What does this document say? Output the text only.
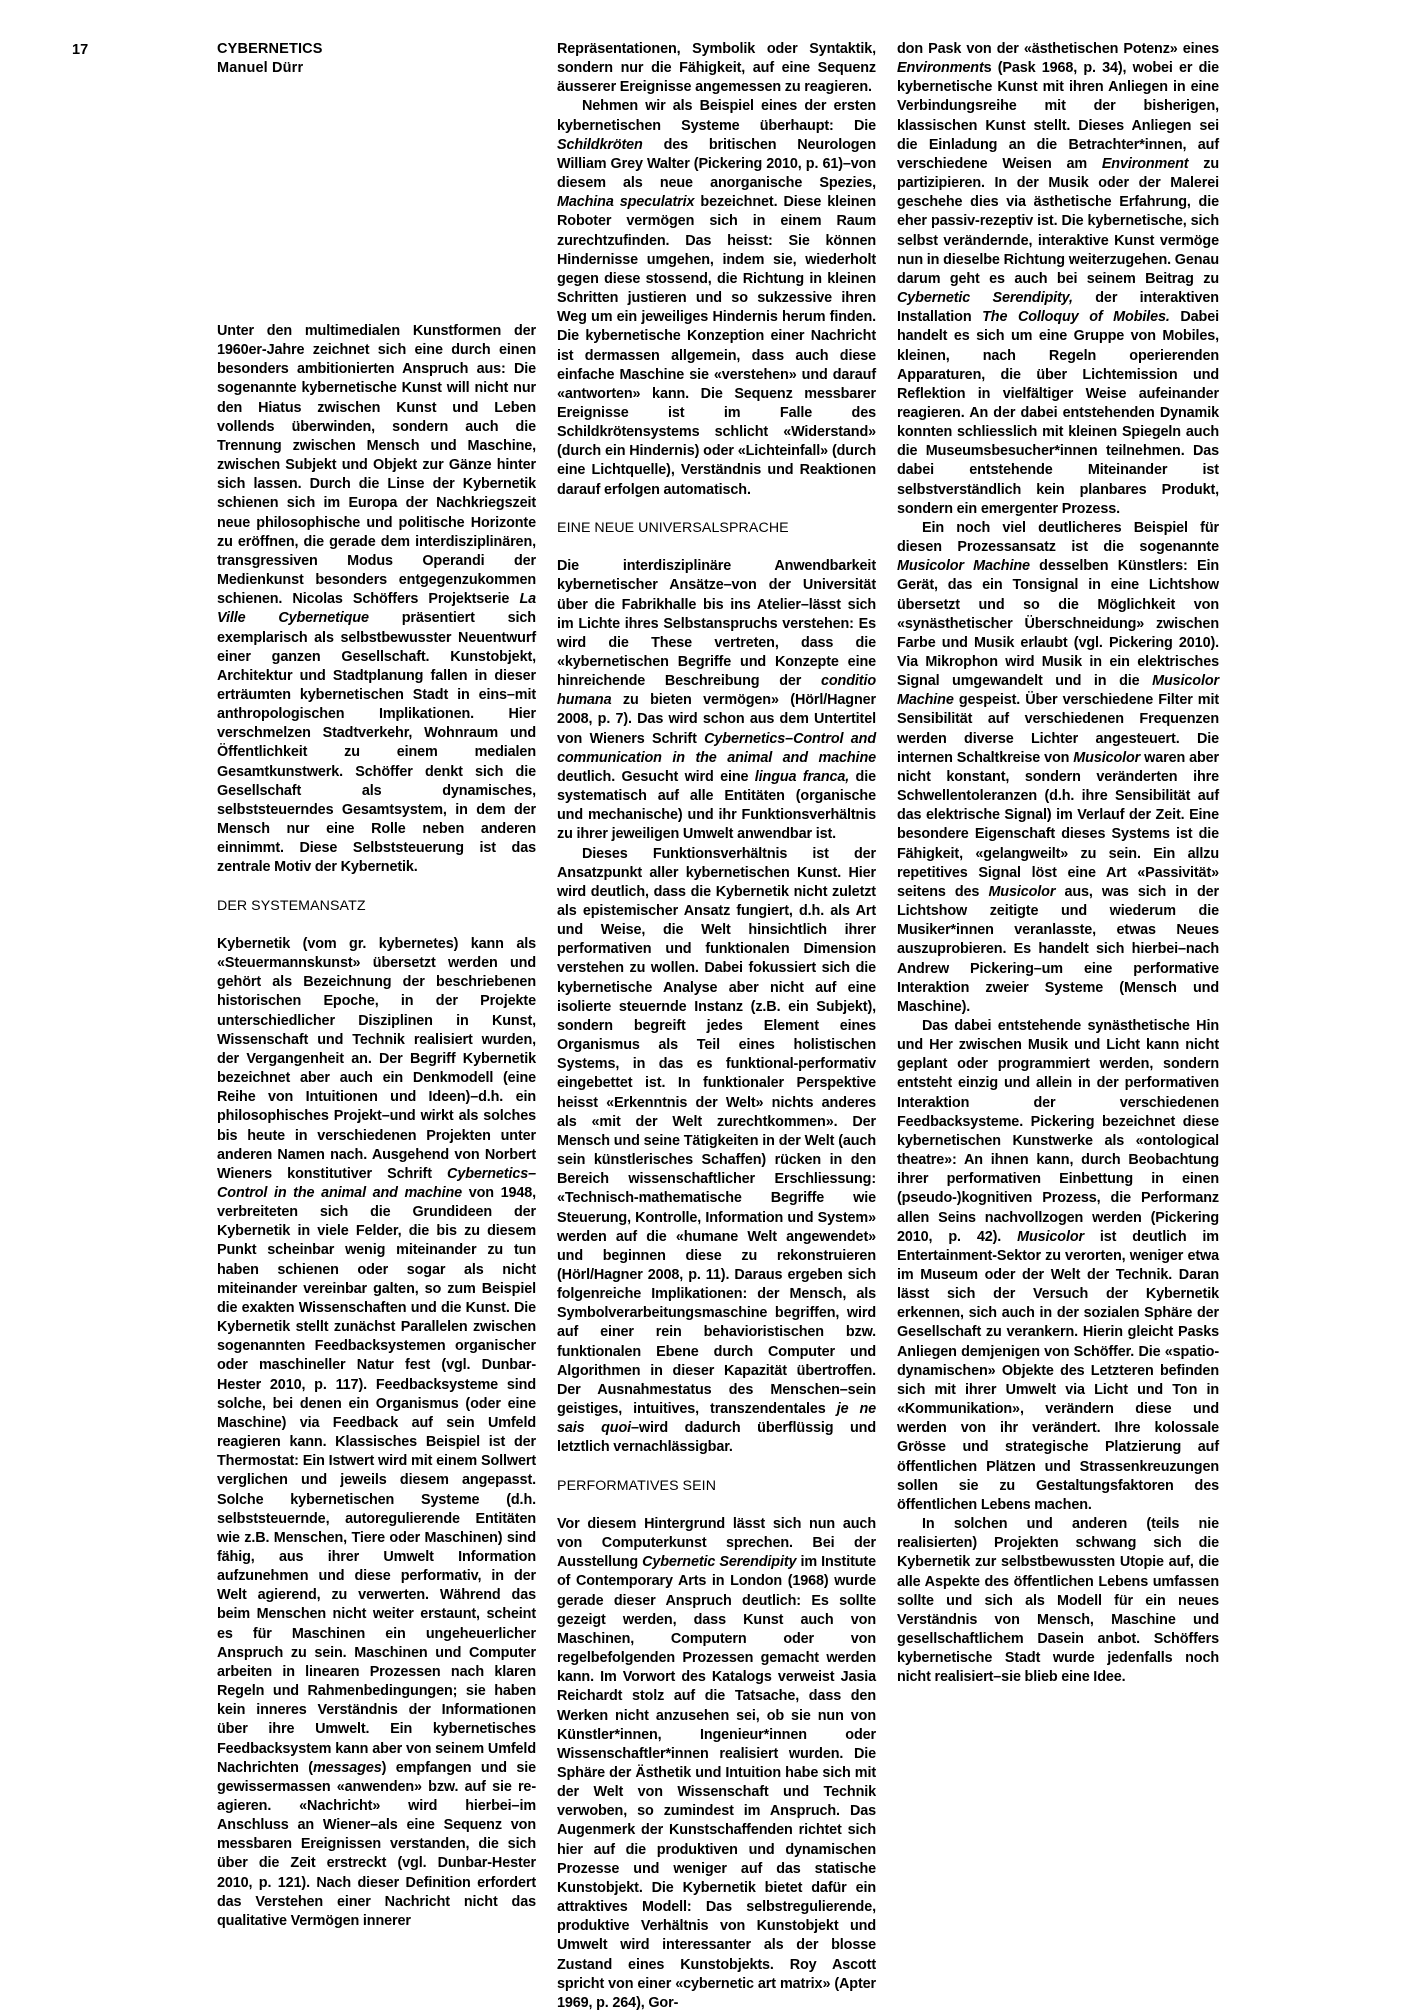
17	CYBERNETICS
Manuel Dürr

Unter den multimedialen Kunstformen der 1960er-Jahre zeichnet sich eine durch einen besonders ambitionierten Anspruch aus: Die sogenannte kybernetische Kunst will nicht nur den Hiatus zwischen Kunst und Leben vollends überwinden, sondern auch die Trennung zwischen Mensch und Maschine, zwischen Subjekt und Objekt zur Gänze hinter sich lassen. Durch die Linse der Kybernetik schienen sich im Europa der Nachkriegszeit neue philosophische und politische Horizonte zu eröffnen, die gerade dem interdisziplinären, transgressiven Modus Operandi der Medienkunst besonders entgegenzukommen schienen. Nicolas Schöffers Projektserie La Ville Cybernetique präsentiert sich exemplarisch als selbstbewusster Neuentwurf einer ganzen Gesellschaft. Kunstobjekt, Architektur und Stadtplanung fallen in dieser erträumten kybernetischen Stadt in eins–mit anthropologischen Implikationen. Hier verschmelzen Stadtverkehr, Wohnraum und Öffentlichkeit zu einem medialen Gesamtkunstwerk. Schöffer denkt sich die Gesellschaft als dynamisches, selbststeuerndes Gesamtsystem, in dem der Mensch nur eine Rolle neben anderen einnimmt. Diese Selbststeuerung ist das zentrale Motiv der Kybernetik.

DER SYSTEMANSATZ

Kybernetik (vom gr. kybernetes) kann als «Steuermannskunst» übersetzt werden und gehört als Bezeichnung der beschriebenen historischen Epoche, in der Projekte unterschiedlicher Disziplinen in Kunst, Wissenschaft und Technik realisiert wurden, der Vergangenheit an. Der Begriff Kybernetik bezeichnet aber auch ein Denkmodell (eine Reihe von Intuitionen und Ideen)–d.h. ein philosophisches Projekt–und wirkt als solches bis heute in verschiedenen Projekten unter anderen Namen nach. Ausgehend von Norbert Wieners konstitutiver Schrift Cybernetics–Control in the animal and machine von 1948, verbreiteten sich die Grundideen der Kybernetik in viele Felder, die bis zu diesem Punkt scheinbar wenig miteinander zu tun haben schienen oder sogar als nicht miteinander vereinbar galten, so zum Beispiel die exakten Wissenschaften und die Kunst. Die Kybernetik stellt zunächst Parallelen zwischen sogenannten Feedbacksystemen organischer oder maschineller Natur fest (vgl. Dunbar-Hester 2010, p. 117). Feedbacksysteme sind solche, bei denen ein Organismus (oder eine Maschine) via Feedback auf sein Umfeld reagieren kann. Klassisches Beispiel ist der Thermostat: Ein Istwert wird mit einem Sollwert verglichen und jeweils diesem angepasst. Solche kybernetischen Systeme (d.h. selbststeuernde, autoregulierende Entitäten wie z.B. Menschen, Tiere oder Maschinen) sind fähig, aus ihrer Umwelt Information aufzunehmen und diese performativ, in der Welt agierend, zu verwerten. Während das beim Menschen nicht weiter erstaunt, scheint es für Maschinen ein ungeheuerlicher Anspruch zu sein. Maschinen und Computer arbeiten in linearen Prozessen nach klaren Regeln und Rahmenbedingungen; sie haben kein inneres Verständnis der Informationen über ihre Umwelt. Ein kybernetisches Feedbacksystem kann aber von seinem Umfeld Nachrichten (messages) empfangen und sie gewissermassen «anwenden» bzw. auf sie re-agieren. «Nachricht» wird hierbei–im Anschluss an Wiener–als eine Sequenz von messbaren Ereignissen verstanden, die sich über die Zeit erstreckt (vgl. Dunbar-Hester 2010, p. 121). Nach dieser Definition erfordert das Verstehen einer Nachricht nicht das qualitative Vermögen innerer

Repräsentationen, Symbolik oder Syntaktik, sondern nur die Fähigkeit, auf eine Sequenz äusserer Ereignisse angemessen zu reagieren.

Nehmen wir als Beispiel eines der ersten kybernetischen Systeme überhaupt: Die Schildkröten des britischen Neurologen William Grey Walter (Pickering 2010, p. 61)–von diesem als neue anorganische Spezies, Machina speculatrix bezeichnet. Diese kleinen Roboter vermögen sich in einem Raum zurechtzufinden. Das heisst: Sie können Hindernisse umgehen, indem sie, wiederholt gegen diese stossend, die Richtung in kleinen Schritten justieren und so sukzessive ihren Weg um ein jeweiliges Hindernis herum finden. Die kybernetische Konzeption einer Nachricht ist dermassen allgemein, dass auch diese einfache Maschine sie «verstehen» und darauf «antworten» kann. Die Sequenz messbarer Ereignisse ist im Falle des Schildkrötensystems schlicht «Widerstand» (durch ein Hindernis) oder «Lichteinfall» (durch eine Lichtquelle), Verständnis und Reaktionen darauf erfolgen automatisch.

EINE NEUE UNIVERSALSPRACHE

Die interdisziplinäre Anwendbarkeit kybernetischer Ansätze–von der Universität über die Fabrikhalle bis ins Atelier–lässt sich im Lichte ihres Selbstanspruchs verstehen: Es wird die These vertreten, dass die «kybernetischen Begriffe und Konzepte eine hinreichende Beschreibung der conditio humana zu bieten vermögen» (Hörl/Hagner 2008, p. 7). Das wird schon aus dem Untertitel von Wieners Schrift Cybernetics–Control and communication in the animal and machine deutlich. Gesucht wird eine lingua franca, die systematisch auf alle Entitäten (organische und mechanische) und ihr Funktionsverhältnis zu ihrer jeweiligen Umwelt anwendbar ist.

Dieses Funktionsverhältnis ist der Ansatzpunkt aller kybernetischen Kunst. Hier wird deutlich, dass die Kybernetik nicht zuletzt als epistemischer Ansatz fungiert, d.h. als Art und Weise, die Welt hinsichtlich ihrer performativen und funktionalen Dimension verstehen zu wollen. Dabei fokussiert sich die kybernetische Analyse aber nicht auf eine isolierte steuernde Instanz (z.B. ein Subjekt), sondern begreift jedes Element eines Organismus als Teil eines holistischen Systems, in das es funktional-performativ eingebettet ist. In funktionaler Perspektive heisst «Erkenntnis der Welt» nichts anderes als «mit der Welt zurechtkommen». Der Mensch und seine Tätigkeiten in der Welt (auch sein künstlerisches Schaffen) rücken in den Bereich wissenschaftlicher Erschliessung: «Technisch-mathematische Begriffe wie Steuerung, Kontrolle, Information und System» werden auf die «humane Welt angewendet» und beginnen diese zu rekonstruieren (Hörl/Hagner 2008, p. 11). Daraus ergeben sich folgenreiche Implikationen: der Mensch, als Symbolverarbeitungsmaschine begriffen, wird auf einer rein behavioristischen bzw. funktionalen Ebene durch Computer und Algorithmen in dieser Kapazität übertroffen. Der Ausnahmestatus des Menschen–sein geistiges, intuitives, transzendentales je ne sais quoi–wird dadurch überflüssig und letztlich vernachlässigbar.

PERFORMATIVES SEIN

Vor diesem Hintergrund lässt sich nun auch von Computerkunst sprechen. Bei der Ausstellung Cybernetic Serendipity im Institute of Contemporary Arts in London (1968) wurde gerade dieser Anspruch deutlich: Es sollte gezeigt werden, dass Kunst auch von Maschinen, Computern oder von regelbefolgenden Prozessen gemacht werden kann. Im Vorwort des Katalogs verweist Jasia Reichardt stolz auf die Tatsache, dass den Werken nicht anzusehen sei, ob sie nun von Künstler*innen, Ingenieur*innen oder Wissenschaftler*innen realisiert wurden. Die Sphäre der Ästhetik und Intuition habe sich mit der Welt von Wissenschaft und Technik verwoben, so zumindest im Anspruch. Das Augenmerk der Kunstschaffenden richtet sich hier auf die produktiven und dynamischen Prozesse und weniger auf das statische Kunstobjekt. Die Kybernetik bietet dafür ein attraktives Modell: Das selbstregulierende, produktive Verhältnis von Kunstobjekt und Umwelt wird interessanter als der blosse Zustand eines Kunstobjekts. Roy Ascott spricht von einer «cybernetic art matrix» (Apter 1969, p. 264), Gor-

don Pask von der «ästhetischen Potenz» eines Environments (Pask 1968, p. 34), wobei er die kybernetische Kunst mit ihren Anliegen in eine Verbindungsreihe mit der bisherigen, klassischen Kunst stellt. Dieses Anliegen sei die Einladung an die Betrachter*innen, auf verschiedene Weisen am Environment zu partizipieren. In der Musik oder der Malerei geschehe dies via ästhetische Erfahrung, die eher passiv-rezeptiv ist. Die kybernetische, sich selbst verändernde, interaktive Kunst vermöge nun in dieselbe Richtung weiterzugehen. Genau darum geht es auch bei seinem Beitrag zu Cybernetic Serendipity, der interaktiven Installation The Colloquy of Mobiles. Dabei handelt es sich um eine Gruppe von Mobiles, kleinen, nach Regeln operierenden Apparaturen, die über Lichtemission und Reflektion in vielfältiger Weise aufeinander reagieren. An der dabei entstehenden Dynamik konnten schliesslich mit kleinen Spiegeln auch die Museumsbesucher*innen teilnehmen. Das dabei entstehende Miteinander ist selbstverständlich kein planbares Produkt, sondern ein emergenter Prozess.

Ein noch viel deutlicheres Beispiel für diesen Prozessansatz ist die sogenannte Musicolor Machine desselben Künstlers: Ein Gerät, das ein Tonsignal in eine Lichtshow übersetzt und so die Möglichkeit von «synästhetischer Überschneidung» zwischen Farbe und Musik erlaubt (vgl. Pickering 2010). Via Mikrophon wird Musik in ein elektrisches Signal umgewandelt und in die Musicolor Machine gespeist. Über verschiedene Filter mit Sensibilität auf verschiedenen Frequenzen werden diverse Lichter angesteuert. Die internen Schaltkreise von Musicolor waren aber nicht konstant, sondern veränderten ihre Schwellentoleranzen (d.h. ihre Sensibilität auf das elektrische Signal) im Verlauf der Zeit. Eine besondere Eigenschaft dieses Systems ist die Fähigkeit, «gelangweilt» zu sein. Ein allzu repetitives Signal löst eine Art «Passivität» seitens des Musicolor aus, was sich in der Lichtshow zeitigte und wiederum die Musiker*innen veranlasste, etwas Neues auszuprobieren. Es handelt sich hierbei–nach Andrew Pickering–um eine performative Interaktion zweier Systeme (Mensch und Maschine).

Das dabei entstehende synästhetische Hin und Her zwischen Musik und Licht kann nicht geplant oder programmiert werden, sondern entsteht einzig und allein in der performativen Interaktion der verschiedenen Feedbacksysteme. Pickering bezeichnet diese kybernetischen Kunstwerke als «ontological theatre»: An ihnen kann, durch Beobachtung ihrer performativen Einbettung in einen (pseudo-)kognitiven Prozess, die Performanz allen Seins nachvollzogen werden (Pickering 2010, p. 42). Musicolor ist deutlich im Entertainment-Sektor zu verorten, weniger etwa im Museum oder der Welt der Technik. Daran lässt sich der Versuch der Kybernetik erkennen, sich auch in der sozialen Sphäre der Gesellschaft zu verankern. Hierin gleicht Pasks Anliegen demjenigen von Schöffer. Die «spatio-dynamischen» Objekte des Letzteren befinden sich mit ihrer Umwelt via Licht und Ton in «Kommunikation», verändern diese und werden von ihr verändert. Ihre kolossale Grösse und strategische Platzierung auf öffentlichen Plätzen und Strassenkreuzungen sollen sie zu Gestaltungsfaktoren des öffentlichen Lebens machen.

In solchen und anderen (teils nie realisierten) Projekten schwang sich die Kybernetik zur selbstbewussten Utopie auf, die alle Aspekte des öffentlichen Lebens umfassen sollte und sich als Modell für ein neues Verständnis von Mensch, Maschine und gesellschaftlichem Dasein anbot. Schöffers kybernetische Stadt wurde jedenfalls noch nicht realisiert–sie blieb eine Idee.
